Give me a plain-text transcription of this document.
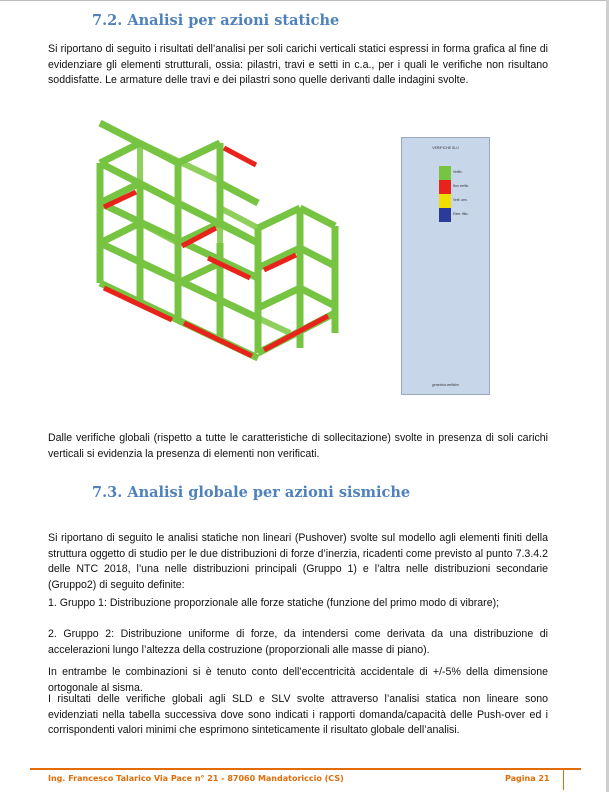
7.2. Analisi per azioni statiche

Si riportano di seguito i risultati dell’analisi per soli carichi verticali statici espressi in forma grafica al fine di evidenziare gli elementi strutturali, ossia: pilastri, travi e setti in c.a., per i quali le verifiche non risultano soddisfatte. Le armature delle travi e dei pilastri sono quelle derivanti dalle indagini svolte.

VERIFICHE SLU

Verific.
Non verific.
Verif. arm.
Elem. fittiz.

gerarchia verifiche

Dalle verifiche globali (rispetto a tutte le caratteristiche di sollecitazione) svolte in presenza di soli carichi verticali si evidenzia la presenza di elementi non verificati.

7.3. Analisi globale per azioni sismiche

Si riportano di seguito le analisi statiche non lineari (Pushover) svolte sul modello agli elementi finiti della struttura oggetto di studio per le due distribuzioni di forze d’inerzia, ricadenti come previsto al punto 7.3.4.2 delle NTC 2018, l’una nelle distribuzioni principali (Gruppo 1) e l’altra nelle distribuzioni secondarie (Gruppo2) di seguito definite:

1. Gruppo 1: Distribuzione proporzionale alle forze statiche (funzione del primo modo di vibrare);

2. Gruppo 2: Distribuzione uniforme di forze, da intendersi come derivata da una distribuzione di accelerazioni lungo l’altezza della costruzione (proporzionali alle masse di piano).

In entrambe le combinazioni si è tenuto conto dell’eccentricità accidentale di +/-5% della dimensione ortogonale al sisma.

I risultati delle verifiche globali agli SLD e SLV svolte attraverso l’analisi statica non lineare sono evidenziati nella tabella successiva dove sono indicati i rapporti domanda/capacità delle Push-over ed i corrispondenti valori minimi che esprimono sinteticamente il risultato globale dell’analisi.

Ing. Francesco Talarico Via Pace n° 21 - 87060 Mandatoriccio (CS)	Pagina 21
